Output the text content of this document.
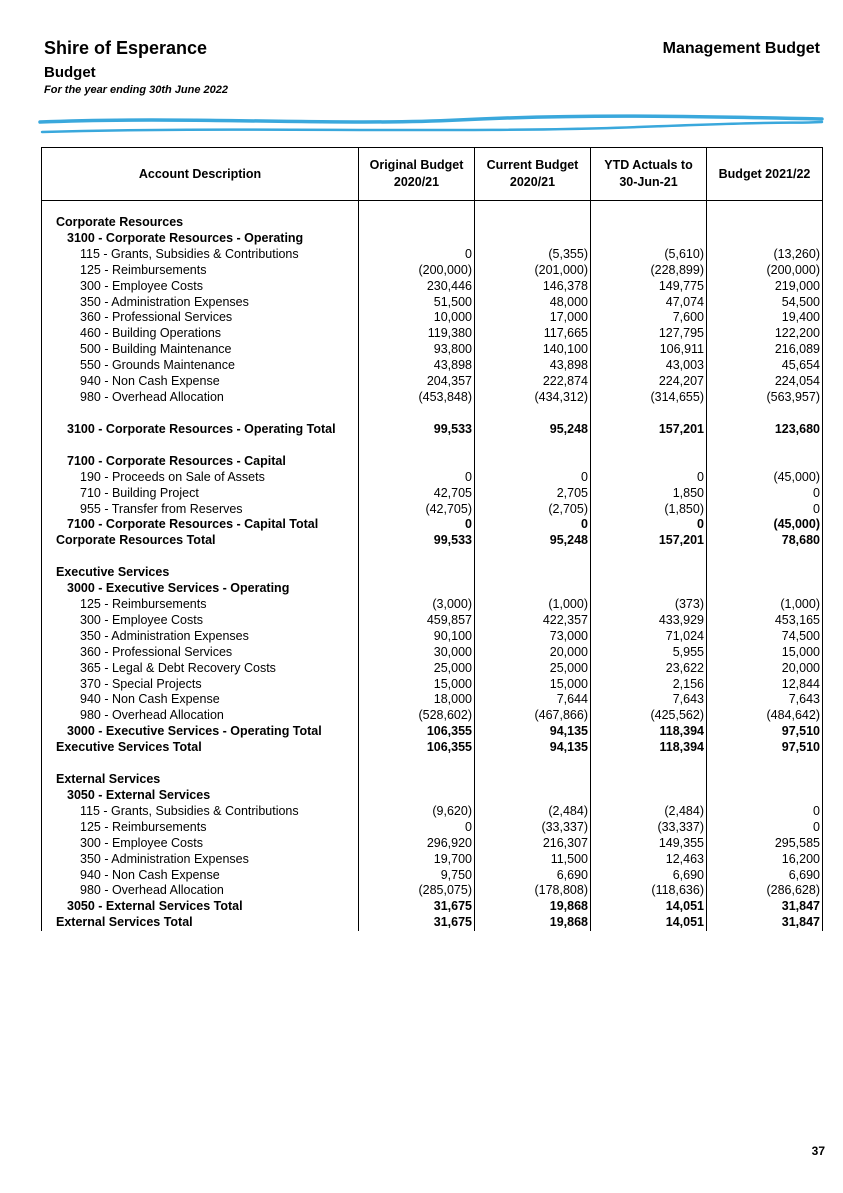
Shire of Esperance	Management Budget
Budget
For the year ending 30th June 2022
Account Description	Original Budget 2020/21	Current Budget 2020/21	YTD Actuals to 30-Jun-21	Budget 2021/22

Corporate Resources				
3100 - Corporate Resources - Operating				
115 - Grants, Subsidies & Contributions	0	(5,355)	(5,610)	(13,260)
125 - Reimbursements	(200,000)	(201,000)	(228,899)	(200,000)
300 - Employee Costs	230,446	146,378	149,775	219,000
350 - Administration Expenses	51,500	48,000	47,074	54,500
360 - Professional Services	10,000	17,000	7,600	19,400
460 - Building Operations	119,380	117,665	127,795	122,200
500 - Building Maintenance	93,800	140,100	106,911	216,089
550 - Grounds Maintenance	43,898	43,898	43,003	45,654
940 - Non Cash Expense	204,357	222,874	224,207	224,054
980 - Overhead Allocation	(453,848)	(434,312)	(314,655)	(563,957)

3100 - Corporate Resources - Operating Total	99,533	95,248	157,201	123,680

7100 - Corporate Resources - Capital				
190 - Proceeds on Sale of Assets	0	0	0	(45,000)
710 - Building Project	42,705	2,705	1,850	0
955 - Transfer from Reserves	(42,705)	(2,705)	(1,850)	0
7100 - Corporate Resources - Capital Total	0	0	0	(45,000)
Corporate Resources Total	99,533	95,248	157,201	78,680

Executive Services				
3000 - Executive Services - Operating				
125 - Reimbursements	(3,000)	(1,000)	(373)	(1,000)
300 - Employee Costs	459,857	422,357	433,929	453,165
350 - Administration Expenses	90,100	73,000	71,024	74,500
360 - Professional Services	30,000	20,000	5,955	15,000
365 - Legal & Debt Recovery Costs	25,000	25,000	23,622	20,000
370 - Special Projects	15,000	15,000	2,156	12,844
940 - Non Cash Expense	18,000	7,644	7,643	7,643
980 - Overhead Allocation	(528,602)	(467,866)	(425,562)	(484,642)
3000 - Executive Services - Operating Total	106,355	94,135	118,394	97,510
Executive Services Total	106,355	94,135	118,394	97,510

External Services				
3050 - External Services				
115 - Grants, Subsidies & Contributions	(9,620)	(2,484)	(2,484)	0
125 - Reimbursements	0	(33,337)	(33,337)	0
300 - Employee Costs	296,920	216,307	149,355	295,585
350 - Administration Expenses	19,700	11,500	12,463	16,200
940 - Non Cash Expense	9,750	6,690	6,690	6,690
980 - Overhead Allocation	(285,075)	(178,808)	(118,636)	(286,628)
3050 - External Services Total	31,675	19,868	14,051	31,847
External Services Total	31,675	19,868	14,051	31,847
37
